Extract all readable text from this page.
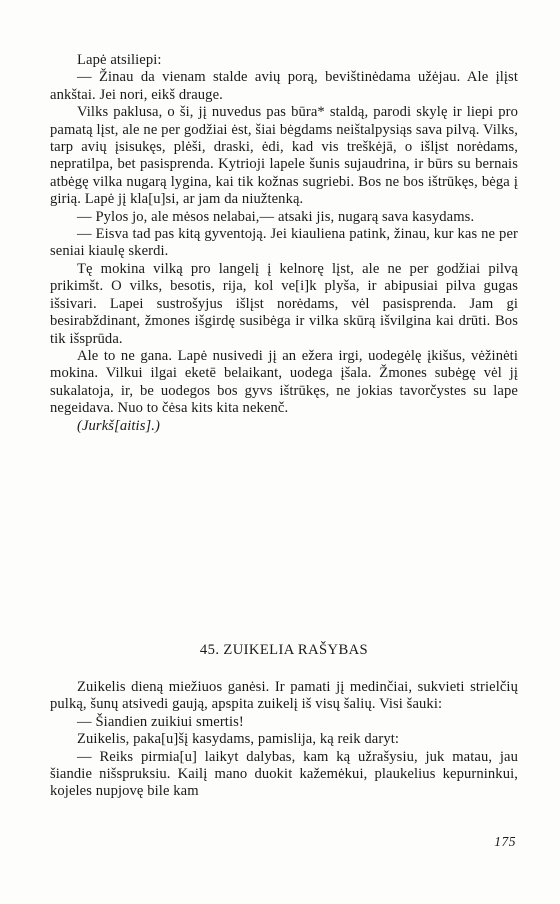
Lapė atsiliepi:

— Žinau da vienam stalde avių porą, bevištinėdama užėjau. Ale įlįst ankštai. Jei nori, eikš drauge.

Vilks paklusa, o ši, jį nuvedus pas būra* staldą, parodi skylę ir liepi pro pamatą lįst, ale ne per godžiai ėst, šiai bėgdams neištalpysiąs sava pilvą. Vilks, tarp avių įsisukęs, plėši, draski, ėdi, kad vis treškėjā, o išlįst norėdams, nepratilpa, bet pasisprenda. Kytrioji lapele šunis sujaudrina, ir būrs su bernais atbėgę vilka nugarą lygina, kai tik kožnas sugriebi. Bos ne bos ištrūkęs, bėga į girią. Lapė jį kla[u]si, ar jam da niužtenką.

— Pylos jo, ale mėsos nelabai,— atsaki jis, nugarą sava kasydams.

— Eisva tad pas kitą gyventoją. Jei kiauliena patink, žinau, kur kas ne per seniai kiaulę skerdi.

Tę mokina vilką pro langelį į kelnorę lįst, ale ne per godžiai pilvą prikimšt. O vilks, besotis, rija, kol ve[i]k plyša, ir abipusiai pilva gugas išsivari. Lapei sustrošyjus išlįst norėdams, vėl pasisprenda. Jam gi besirabždinant, žmones išgirdę susibėga ir vilka skūrą išvilgina kai drūti. Bos tik išsprūda.

Ale to ne gana. Lapė nusivedi jį an ežera irgi, uodegėlę įkišus, vėžinėti mokina. Vilkui ilgai eketē belaikant, uodega įšala. Žmones subėgę vėl jį sukalatoja, ir, be uodegos bos gyvs ištrūkęs, ne jokias tavorčystes su lape negeidava. Nuo to čėsa kits kita nekenč.

(Jurkš[aitis].)

45. ZUIKELIA RAŠYBAS

Zuikelis dieną miežiuos ganėsi. Ir pamati jį medinčiai, sukvieti strielčių pulką, šunų atsivedi gaują, apspita zuikelį iš visų šalių. Visi šauki:

— Šiandien zuikiui smertis!

Zuikelis, paka[u]šį kasydams, pamislija, ką reik daryt:

— Reiks pirmia[u] laikyt dalybas, kam ką užrašysiu, juk matau, jau šiandie nišspruksiu. Kailį mano duokit kažemėkui, plaukelius kepurninkui, kojeles nupjovę bile kam

175
